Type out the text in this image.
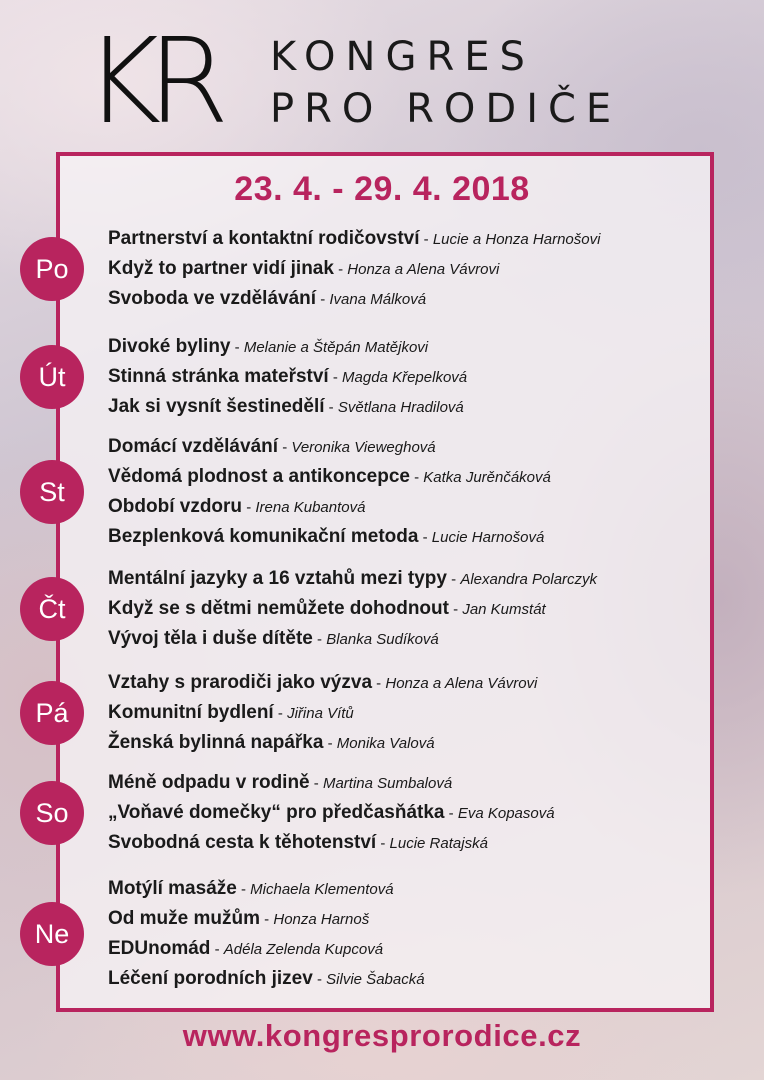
KR KONGRES
PRO RODIČE
23. 4. - 29. 4. 2018
Po
Partnerství a kontaktní rodičovství - Lucie a Honza Harnošovi
Když to partner vidí jinak - Honza a Alena Vávrovi
Svoboda ve vzdělávání - Ivana Málková
Út
Divoké byliny - Melanie a Štěpán Matějkovi
Stinná stránka mateřství - Magda Křepelková
Jak si vysnít šestinedělí - Světlana Hradilová
St
Domácí vzdělávání - Veronika Vieweghová
Vědomá plodnost a antikoncepce - Katka Jurěnčáková
Období vzdoru - Irena Kubantová
Bezplenková komunikační metoda - Lucie Harnošová
Čt
Mentální jazyky a 16 vztahů mezi typy - Alexandra Polarczyk
Když se s dětmi nemůžete dohodnout - Jan Kumstát
Vývoj těla i duše dítěte - Blanka Sudíková
Pá
Vztahy s prarodiči jako výzva - Honza a Alena Vávrovi
Komunitní bydlení - Jiřina Vítů
Ženská bylinná napářka - Monika Valová
So
Méně odpadu v rodině - Martina Sumbalová
„Voňavé domečky“ pro předčasňátka - Eva Kopasová
Svobodná cesta k těhotenství - Lucie Ratajská
Ne
Motýlí masáže - Michaela Klementová
Od muže mužům - Honza Harnoš
EDUnomád - Adéla Zelenda Kupcová
Léčení porodních jizev - Silvie Šabacká
www.kongresprorodice.cz
